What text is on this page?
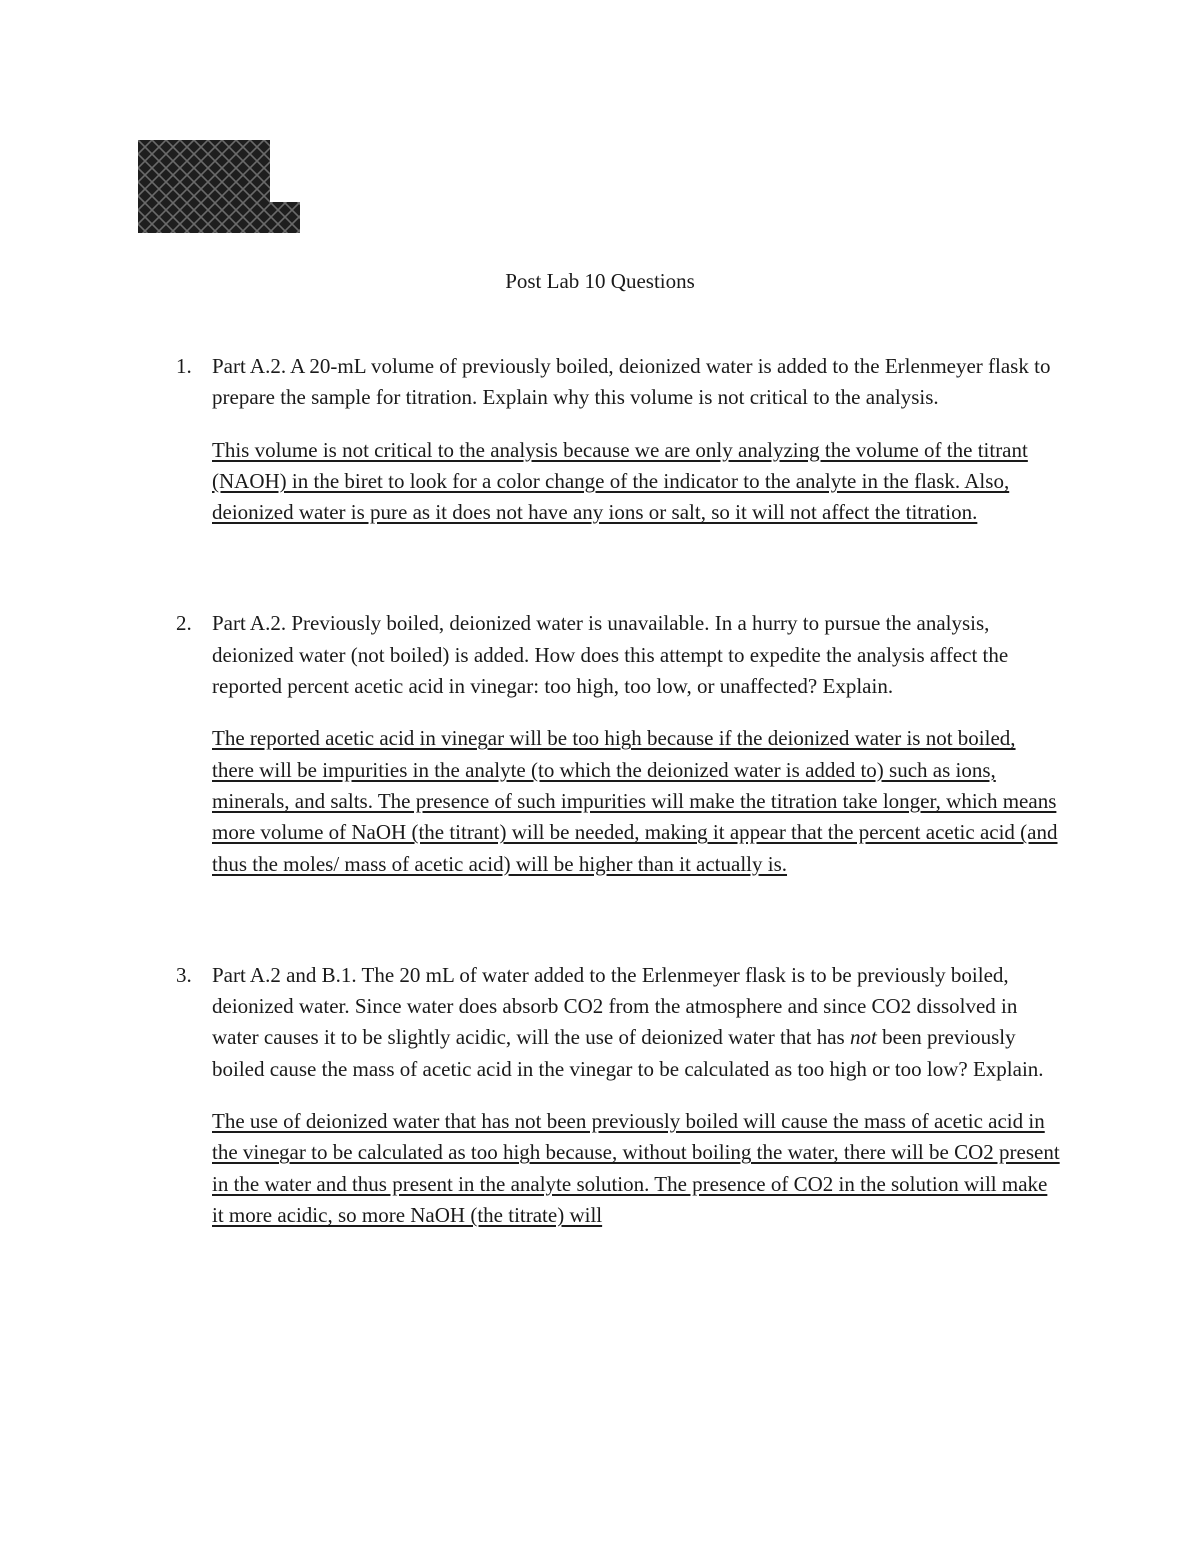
Post Lab 10 Questions
1. Part A.2. A 20-mL volume of previously boiled, deionized water is added to the Erlenmeyer flask to prepare the sample for titration. Explain why this volume is not critical to the analysis.

This volume is not critical to the analysis because we are only analyzing the volume of the titrant (NAOH) in the biret to look for a color change of the indicator to the analyte in the flask. Also, deionized water is pure as it does not have any ions or salt, so it will not affect the titration.

2. Part A.2. Previously boiled, deionized water is unavailable. In a hurry to pursue the analysis, deionized water (not boiled) is added. How does this attempt to expedite the analysis affect the reported percent acetic acid in vinegar: too high, too low, or unaffected? Explain.

The reported acetic acid in vinegar will be too high because if the deionized water is not boiled, there will be impurities in the analyte (to which the deionized water is added to) such as ions, minerals, and salts. The presence of such impurities will make the titration take longer, which means more volume of NaOH (the titrant) will be needed, making it appear that the percent acetic acid (and thus the moles/ mass of acetic acid) will be higher than it actually is.

3. Part A.2 and B.1. The 20 mL of water added to the Erlenmeyer flask is to be previously boiled, deionized water. Since water does absorb CO2 from the atmosphere and since CO2 dissolved in water causes it to be slightly acidic, will the use of deionized water that has not been previously boiled cause the mass of acetic acid in the vinegar to be calculated as too high or too low? Explain.

The use of deionized water that has not been previously boiled will cause the mass of acetic acid in the vinegar to be calculated as too high because, without boiling the water, there will be CO2 present in the water and thus present in the analyte solution. The presence of CO2 in the solution will make it more acidic, so more NaOH (the titrate) will
